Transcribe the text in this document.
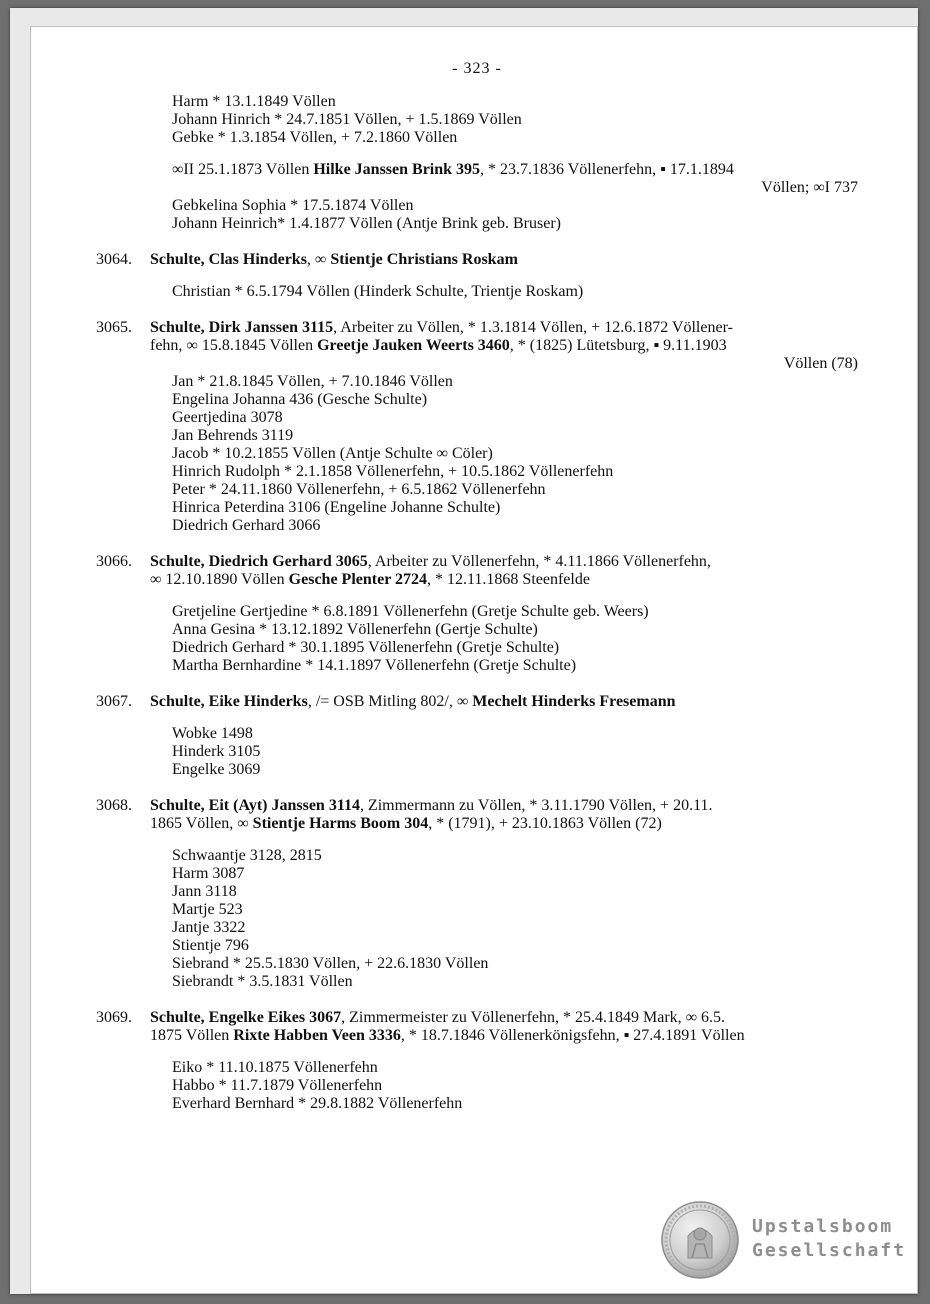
- 323 -
Harm * 13.1.1849 Völlen
Johann Hinrich * 24.7.1851 Völlen, + 1.5.1869 Völlen
Gebke * 1.3.1854 Völlen, + 7.2.1860 Völlen
∞II 25.1.1873 Völlen Hilke Janssen Brink 395, * 23.7.1836 Völlenerfehn, ▪ 17.1.1894
Völlen; ∞I 737
Gebkelina Sophia * 17.5.1874 Völlen
Johann Heinrich* 1.4.1877 Völlen (Antje Brink geb. Bruser)
3064. Schulte, Clas Hinderks, ∞ Stientje Christians Roskam
Christian * 6.5.1794 Völlen (Hinderk Schulte, Trientje Roskam)
3065. Schulte, Dirk Janssen 3115, Arbeiter zu Völlen, * 1.3.1814 Völlen, + 12.6.1872 Völlener-
fehn, ∞ 15.8.1845 Völlen Greetje Jauken Weerts 3460, * (1825) Lütetsburg, ▪ 9.11.1903
Völlen (78)
Jan * 21.8.1845 Völlen, + 7.10.1846 Völlen
Engelina Johanna 436 (Gesche Schulte)
Geertjedina 3078
Jan Behrends 3119
Jacob * 10.2.1855 Völlen (Antje Schulte ∞ Cöler)
Hinrich Rudolph * 2.1.1858 Völlenerfehn, + 10.5.1862 Völlenerfehn
Peter * 24.11.1860 Völlenerfehn, + 6.5.1862 Völlenerfehn
Hinrica Peterdina 3106 (Engeline Johanne Schulte)
Diedrich Gerhard 3066
3066. Schulte, Diedrich Gerhard 3065, Arbeiter zu Völlenerfehn, * 4.11.1866 Völlenerfehn,
∞ 12.10.1890 Völlen Gesche Plenter 2724, * 12.11.1868 Steenfelde
Gretjeline Gertjedine * 6.8.1891 Völlenerfehn (Gretje Schulte geb. Weers)
Anna Gesina * 13.12.1892 Völlenerfehn (Gertje Schulte)
Diedrich Gerhard * 30.1.1895 Völlenerfehn (Gretje Schulte)
Martha Bernhardine * 14.1.1897 Völlenerfehn (Gretje Schulte)
3067. Schulte, Eike Hinderks, /= OSB Mitling 802/, ∞ Mechelt Hinderks Fresemann
Wobke 1498
Hinderk 3105
Engelke 3069
3068. Schulte, Eit (Ayt) Janssen 3114, Zimmermann zu Völlen, * 3.11.1790 Völlen, + 20.11.
1865 Völlen, ∞ Stientje Harms Boom 304, * (1791), + 23.10.1863 Völlen (72)
Schwaantje 3128, 2815
Harm 3087
Jann 3118
Martje 523
Jantje 3322
Stientje 796
Siebrand * 25.5.1830 Völlen, + 22.6.1830 Völlen
Siebrandt * 3.5.1831 Völlen
3069. Schulte, Engelke Eikes 3067, Zimmermeister zu Völlenerfehn, * 25.4.1849 Mark, ∞ 6.5.
1875 Völlen Rixte Habben Veen 3336, * 18.7.1846 Völlenerkönigsfehn, ▪ 27.4.1891 Völlen
Eiko * 11.10.1875 Völlenerfehn
Habbo * 11.7.1879 Völlenerfehn
Everhard Bernhard * 29.8.1882 Völlenerfehn
Upstalsboom
Gesellschaft
